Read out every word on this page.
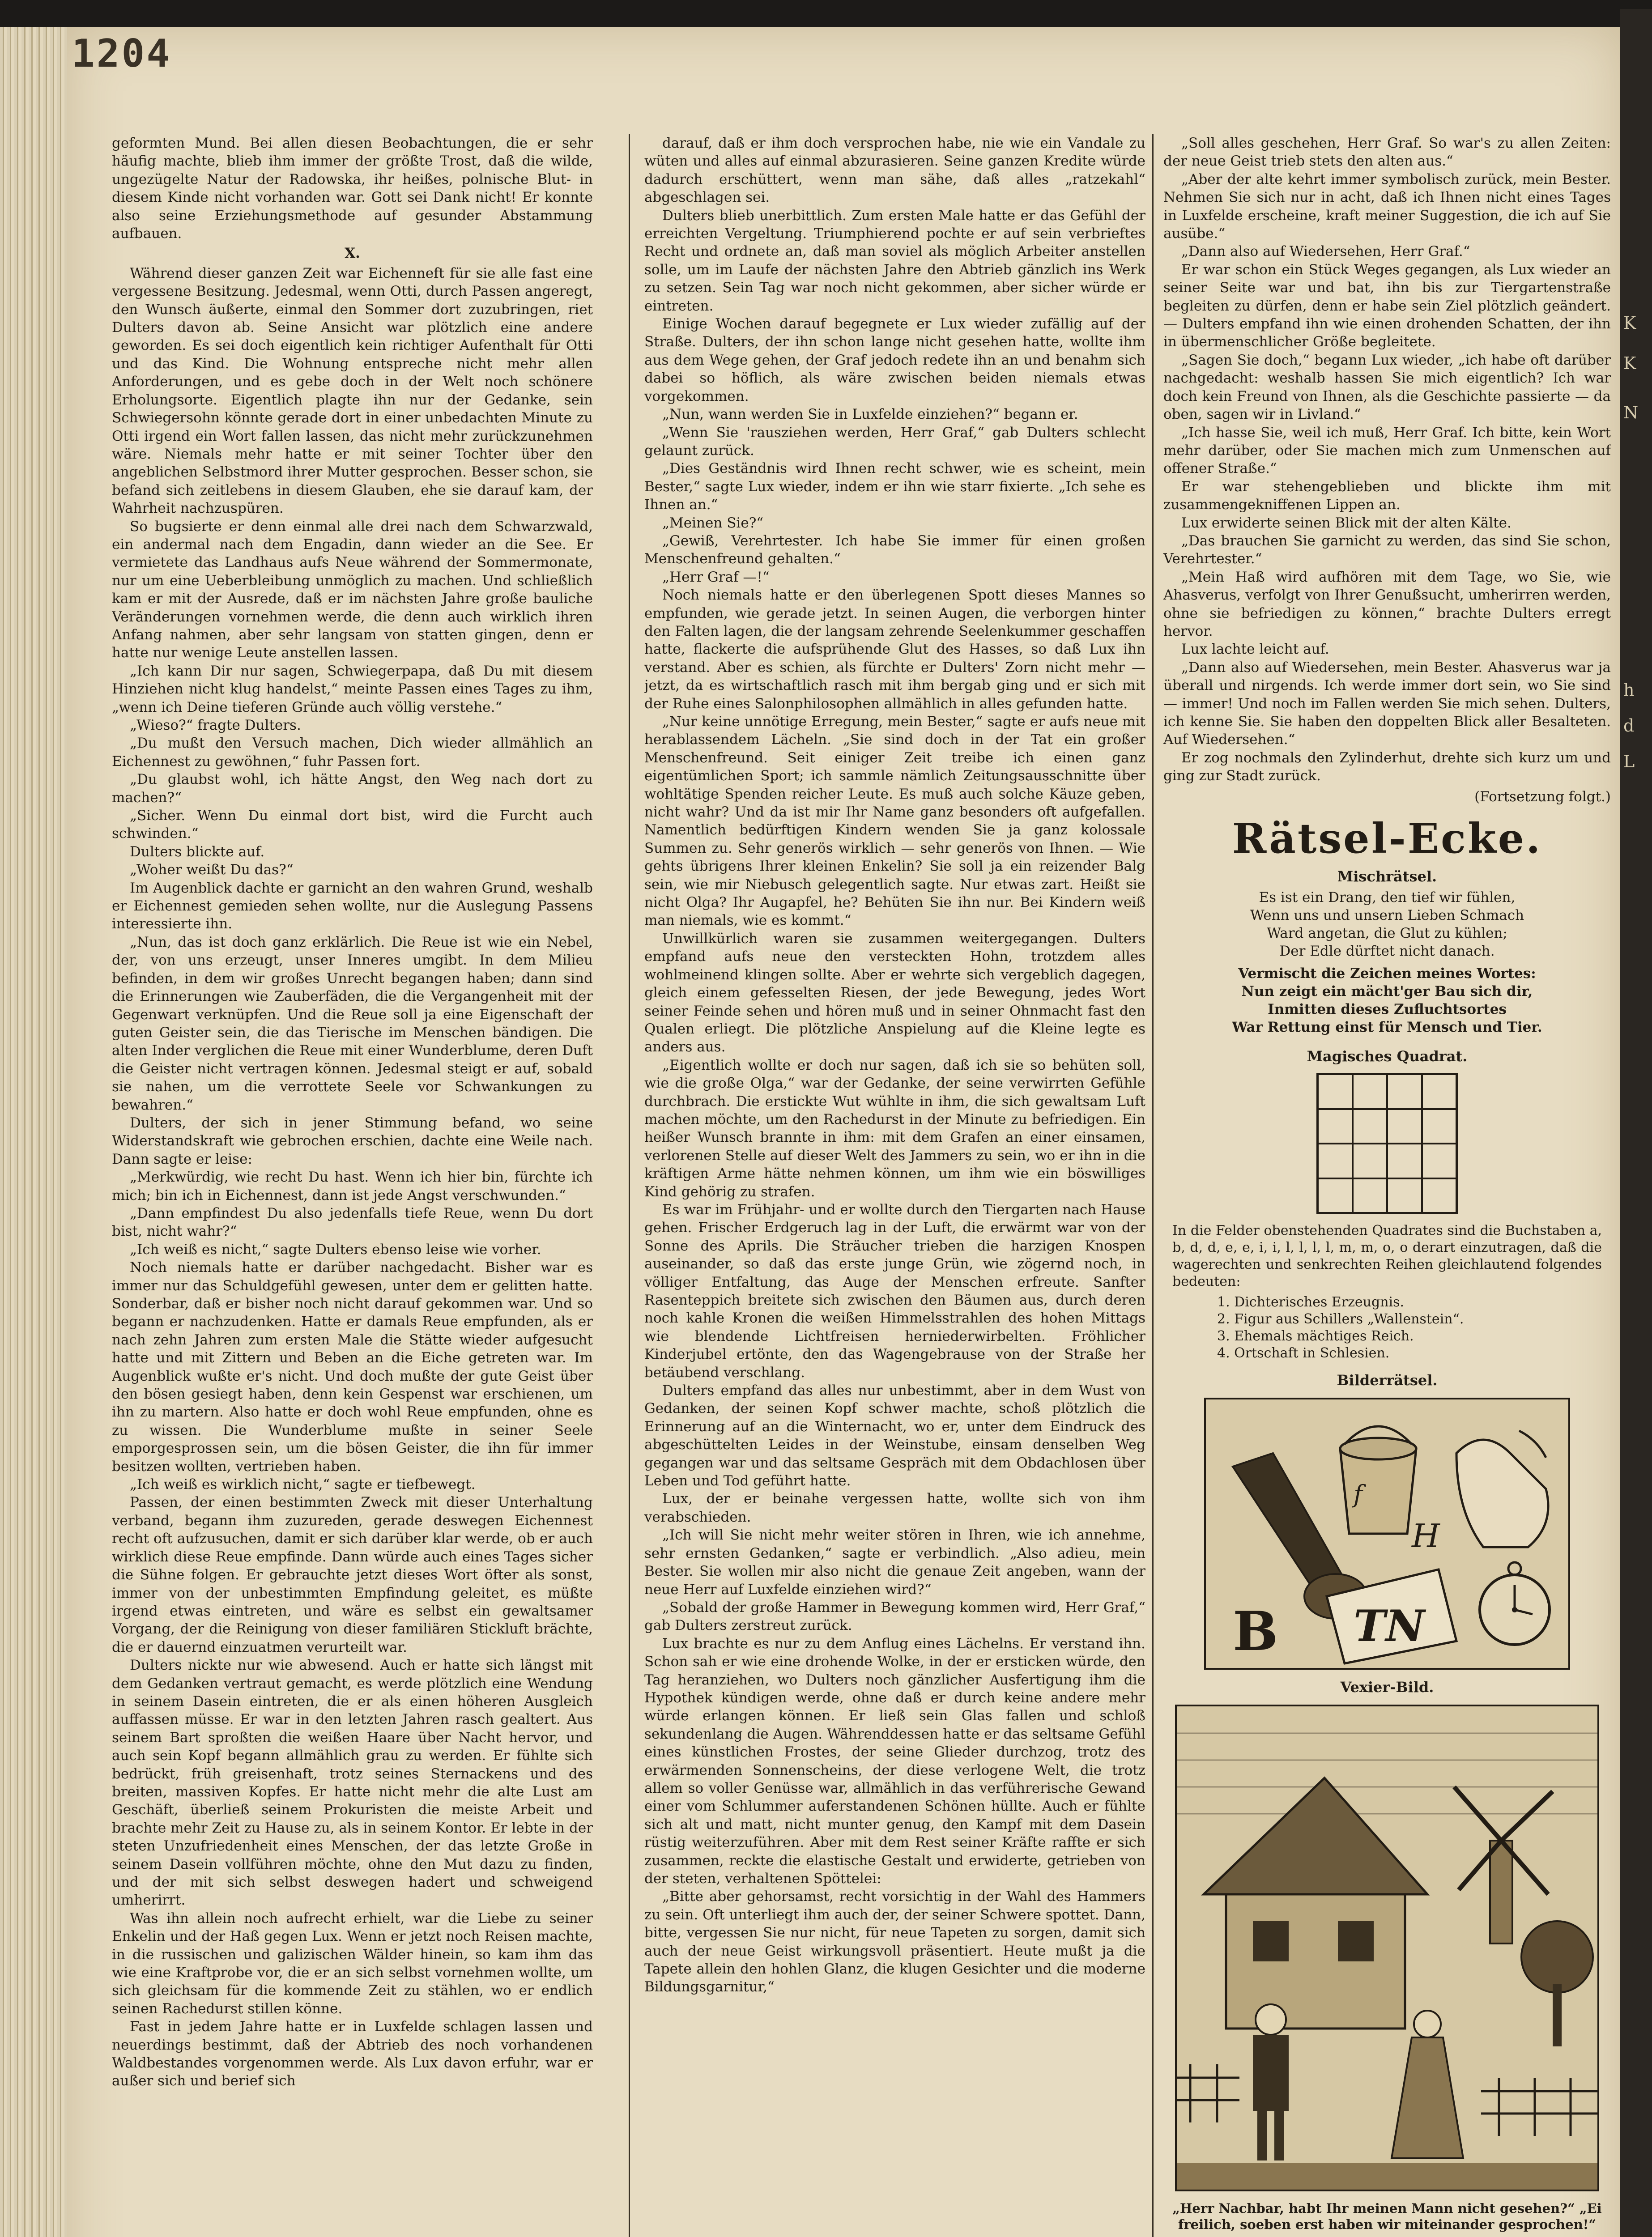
K
K
N
h
d
L
1204

geformten Mund. Bei allen diesen Beobachtungen, die er sehr häufig machte, blieb ihm immer der größte Trost, daß die wilde, ungezügelte Natur der Radowska, ihr heißes, polnische Blut- in diesem Kinde nicht vorhanden war. Gott sei Dank nicht! Er konnte also seine Erziehungsmethode auf gesunder Abstammung aufbauen.

X.

Während dieser ganzen Zeit war Eichenneft für sie alle fast eine vergessene Besitzung. Jedesmal, wenn Otti, durch Passen angeregt, den Wunsch äußerte, einmal den Sommer dort zuzubringen, riet Dulters davon ab. Seine Ansicht war plötzlich eine andere geworden. Es sei doch eigentlich kein richtiger Aufenthalt für Otti und das Kind. Die Wohnung entspreche nicht mehr allen Anforderungen, und es gebe doch in der Welt noch schönere Erholungsorte. Eigentlich plagte ihn nur der Gedanke, sein Schwiegersohn könnte gerade dort in einer unbedachten Minute zu Otti irgend ein Wort fallen lassen, das nicht mehr zurückzunehmen wäre. Niemals mehr hatte er mit seiner Tochter über den angeblichen Selbstmord ihrer Mutter gesprochen. Besser schon, sie befand sich zeitlebens in diesem Glauben, ehe sie darauf kam, der Wahrheit nachzuspüren.

So bugsierte er denn einmal alle drei nach dem Schwarzwald, ein andermal nach dem Engadin, dann wieder an die See. Er vermietete das Landhaus aufs Neue während der Sommermonate, nur um eine Ueberbleibung unmöglich zu machen. Und schließlich kam er mit der Ausrede, daß er im nächsten Jahre große bauliche Veränderungen vornehmen werde, die denn auch wirklich ihren Anfang nahmen, aber sehr langsam von statten gingen, denn er hatte nur wenige Leute anstellen lassen.

„Ich kann Dir nur sagen, Schwiegerpapa, daß Du mit diesem Hinziehen nicht klug handelst,“ meinte Passen eines Tages zu ihm, „wenn ich Deine tieferen Gründe auch völlig verstehe.“

„Wieso?“ fragte Dulters.

„Du mußt den Versuch machen, Dich wieder allmählich an Eichennest zu gewöhnen,“ fuhr Passen fort.

„Du glaubst wohl, ich hätte Angst, den Weg nach dort zu machen?“

„Sicher. Wenn Du einmal dort bist, wird die Furcht auch schwinden.“

Dulters blickte auf.

„Woher weißt Du das?“

Im Augenblick dachte er garnicht an den wahren Grund, weshalb er Eichennest gemieden sehen wollte, nur die Auslegung Passens interessierte ihn.

„Nun, das ist doch ganz erklärlich. Die Reue ist wie ein Nebel, der, von uns erzeugt, unser Inneres umgibt. In dem Milieu befinden, in dem wir großes Unrecht begangen haben; dann sind die Erinnerungen wie Zauberfäden, die die Vergangenheit mit der Gegenwart verknüpfen. Und die Reue soll ja eine Eigenschaft der guten Geister sein, die das Tierische im Menschen bändigen. Die alten Inder verglichen die Reue mit einer Wunderblume, deren Duft die Geister nicht vertragen können. Jedesmal steigt er auf, sobald sie nahen, um die verrottete Seele vor Schwankungen zu bewahren.“

Dulters, der sich in jener Stimmung befand, wo seine Widerstandskraft wie gebrochen erschien, dachte eine Weile nach. Dann sagte er leise:

„Merkwürdig, wie recht Du hast. Wenn ich hier bin, fürchte ich mich; bin ich in Eichennest, dann ist jede Angst verschwunden.“

„Dann empfindest Du also jedenfalls tiefe Reue, wenn Du dort bist, nicht wahr?“

„Ich weiß es nicht,“ sagte Dulters ebenso leise wie vorher.

Noch niemals hatte er darüber nachgedacht. Bisher war es immer nur das Schuldgefühl gewesen, unter dem er gelitten hatte. Sonderbar, daß er bisher noch nicht darauf gekommen war. Und so begann er nachzudenken. Hatte er damals Reue empfunden, als er nach zehn Jahren zum ersten Male die Stätte wieder aufgesucht hatte und mit Zittern und Beben an die Eiche getreten war. Im Augenblick wußte er's nicht. Und doch mußte der gute Geist über den bösen gesiegt haben, denn kein Gespenst war erschienen, um ihn zu martern. Also hatte er doch wohl Reue empfunden, ohne es zu wissen. Die Wunderblume mußte in seiner Seele emporgesprossen sein, um die bösen Geister, die ihn für immer besitzen wollten, vertrieben haben.

„Ich weiß es wirklich nicht,“ sagte er tiefbewegt.

Passen, der einen bestimmten Zweck mit dieser Unterhaltung verband, begann ihm zuzureden, gerade deswegen Eichennest recht oft aufzusuchen, damit er sich darüber klar werde, ob er auch wirklich diese Reue empfinde. Dann würde auch eines Tages sicher die Sühne folgen. Er gebrauchte jetzt dieses Wort öfter als sonst, immer von der unbestimmten Empfindung geleitet, es müßte irgend etwas eintreten, und wäre es selbst ein gewaltsamer Vorgang, der die Reinigung von dieser familiären Stickluft brächte, die er dauernd einzuatmen verurteilt war.

Dulters nickte nur wie abwesend. Auch er hatte sich längst mit dem Gedanken vertraut gemacht, es werde plötzlich eine Wendung in seinem Dasein eintreten, die er als einen höheren Ausgleich auffassen müsse. Er war in den letzten Jahren rasch gealtert. Aus seinem Bart sproßten die weißen Haare über Nacht hervor, und auch sein Kopf begann allmählich grau zu werden. Er fühlte sich bedrückt, früh greisenhaft, trotz seines Sternackens und des breiten, massiven Kopfes. Er hatte nicht mehr die alte Lust am Geschäft, überließ seinem Prokuristen die meiste Arbeit und brachte mehr Zeit zu Hause zu, als in seinem Kontor. Er lebte in der steten Unzufriedenheit eines Menschen, der das letzte Große in seinem Dasein vollführen möchte, ohne den Mut dazu zu finden, und der mit sich selbst deswegen hadert und schweigend umherirrt.

Was ihn allein noch aufrecht erhielt, war die Liebe zu seiner Enkelin und der Haß gegen Lux. Wenn er jetzt noch Reisen machte, in die russischen und galizischen Wälder hinein, so kam ihm das wie eine Kraftprobe vor, die er an sich selbst vornehmen wollte, um sich gleichsam für die kommende Zeit zu stählen, wo er endlich seinen Rachedurst stillen könne.

Fast in jedem Jahre hatte er in Luxfelde schlagen lassen und neuerdings bestimmt, daß der Abtrieb des noch vorhandenen Waldbestandes vorgenommen werde. Als Lux davon erfuhr, war er außer sich und berief sich

darauf, daß er ihm doch versprochen habe, nie wie ein Vandale zu wüten und alles auf einmal abzurasieren. Seine ganzen Kredite würde dadurch erschüttert, wenn man sähe, daß alles „ratzekahl“ abgeschlagen sei.

Dulters blieb unerbittlich. Zum ersten Male hatte er das Gefühl der erreichten Vergeltung. Triumphierend pochte er auf sein verbrieftes Recht und ordnete an, daß man soviel als möglich Arbeiter anstellen solle, um im Laufe der nächsten Jahre den Abtrieb gänzlich ins Werk zu setzen. Sein Tag war noch nicht gekommen, aber sicher würde er eintreten.

Einige Wochen darauf begegnete er Lux wieder zufällig auf der Straße. Dulters, der ihn schon lange nicht gesehen hatte, wollte ihm aus dem Wege gehen, der Graf jedoch redete ihn an und benahm sich dabei so höflich, als wäre zwischen beiden niemals etwas vorgekommen.

„Nun, wann werden Sie in Luxfelde einziehen?“ begann er.

„Wenn Sie 'rausziehen werden, Herr Graf,“ gab Dulters schlecht gelaunt zurück.

„Dies Geständnis wird Ihnen recht schwer, wie es scheint, mein Bester,“ sagte Lux wieder, indem er ihn wie starr fixierte. „Ich sehe es Ihnen an.“

„Meinen Sie?“

„Gewiß, Verehrtester. Ich habe Sie immer für einen großen Menschenfreund gehalten.“

„Herr Graf —!“

Noch niemals hatte er den überlegenen Spott dieses Mannes so empfunden, wie gerade jetzt. In seinen Augen, die verborgen hinter den Falten lagen, die der langsam zehrende Seelenkummer geschaffen hatte, flackerte die aufsprühende Glut des Hasses, so daß Lux ihn verstand. Aber es schien, als fürchte er Dulters' Zorn nicht mehr — jetzt, da es wirtschaftlich rasch mit ihm bergab ging und er sich mit der Ruhe eines Salonphilosophen allmählich in alles gefunden hatte.

„Nur keine unnötige Erregung, mein Bester,“ sagte er aufs neue mit herablassendem Lächeln. „Sie sind doch in der Tat ein großer Menschenfreund. Seit einiger Zeit treibe ich einen ganz eigentümlichen Sport; ich sammle nämlich Zeitungsausschnitte über wohltätige Spenden reicher Leute. Es muß auch solche Käuze geben, nicht wahr? Und da ist mir Ihr Name ganz besonders oft aufgefallen. Namentlich bedürftigen Kindern wenden Sie ja ganz kolossale Summen zu. Sehr generös wirklich — sehr generös von Ihnen. — Wie gehts übrigens Ihrer kleinen Enkelin? Sie soll ja ein reizender Balg sein, wie mir Niebusch gelegentlich sagte. Nur etwas zart. Heißt sie nicht Olga? Ihr Augapfel, he? Behüten Sie ihn nur. Bei Kindern weiß man niemals, wie es kommt.“

Unwillkürlich waren sie zusammen weitergegangen. Dulters empfand aufs neue den versteckten Hohn, trotzdem alles wohlmeinend klingen sollte. Aber er wehrte sich vergeblich dagegen, gleich einem gefesselten Riesen, der jede Bewegung, jedes Wort seiner Feinde sehen und hören muß und in seiner Ohnmacht fast den Qualen erliegt. Die plötzliche Anspielung auf die Kleine legte es anders aus.

„Eigentlich wollte er doch nur sagen, daß ich sie so behüten soll, wie die große Olga,“ war der Gedanke, der seine verwirrten Gefühle durchbrach. Die erstickte Wut wühlte in ihm, die sich gewaltsam Luft machen möchte, um den Rachedurst in der Minute zu befriedigen. Ein heißer Wunsch brannte in ihm: mit dem Grafen an einer einsamen, verlorenen Stelle auf dieser Welt des Jammers zu sein, wo er ihn in die kräftigen Arme hätte nehmen können, um ihm wie ein böswilliges Kind gehörig zu strafen.

Es war im Frühjahr- und er wollte durch den Tiergarten nach Hause gehen. Frischer Erdgeruch lag in der Luft, die erwärmt war von der Sonne des Aprils. Die Sträucher trieben die harzigen Knospen auseinander, so daß das erste junge Grün, wie zögernd noch, in völliger Entfaltung, das Auge der Menschen erfreute. Sanfter Rasenteppich breitete sich zwischen den Bäumen aus, durch deren noch kahle Kronen die weißen Himmelsstrahlen des hohen Mittags wie blendende Lichtfreisen herniederwirbelten. Fröhlicher Kinderjubel ertönte, den das Wagengebrause von der Straße her betäubend verschlang.

Dulters empfand das alles nur unbestimmt, aber in dem Wust von Gedanken, der seinen Kopf schwer machte, schoß plötzlich die Erinnerung auf an die Winternacht, wo er, unter dem Eindruck des abgeschüttelten Leides in der Weinstube, einsam denselben Weg gegangen war und das seltsame Gespräch mit dem Obdachlosen über Leben und Tod geführt hatte.

Lux, der er beinahe vergessen hatte, wollte sich von ihm verabschieden.

„Ich will Sie nicht mehr weiter stören in Ihren, wie ich annehme, sehr ernsten Gedanken,“ sagte er verbindlich. „Also adieu, mein Bester. Sie wollen mir also nicht die genaue Zeit angeben, wann der neue Herr auf Luxfelde einziehen wird?“

„Sobald der große Hammer in Bewegung kommen wird, Herr Graf,“ gab Dulters zerstreut zurück.

Lux brachte es nur zu dem Anflug eines Lächelns. Er verstand ihn. Schon sah er wie eine drohende Wolke, in der er ersticken würde, den Tag heranziehen, wo Dulters noch gänzlicher Ausfertigung ihm die Hypothek kündigen werde, ohne daß er durch keine andere mehr würde erlangen können. Er ließ sein Glas fallen und schloß sekundenlang die Augen. Währenddessen hatte er das seltsame Gefühl eines künstlichen Frostes, der seine Glieder durchzog, trotz des erwärmenden Sonnenscheins, der diese verlogene Welt, die trotz allem so voller Genüsse war, allmählich in das verführerische Gewand einer vom Schlummer auferstandenen Schönen hüllte. Auch er fühlte sich alt und matt, nicht munter genug, den Kampf mit dem Dasein rüstig weiterzuführen. Aber mit dem Rest seiner Kräfte raffte er sich zusammen, reckte die elastische Gestalt und erwiderte, getrieben von der steten, verhaltenen Spöttelei:

„Bitte aber gehorsamst, recht vorsichtig in der Wahl des Hammers zu sein. Oft unterliegt ihm auch der, der seiner Schwere spottet. Dann, bitte, vergessen Sie nur nicht, für neue Tapeten zu sorgen, damit sich auch der neue Geist wirkungsvoll präsentiert. Heute mußt ja die Tapete allein den hohlen Glanz, die klugen Gesichter und die moderne Bildungsgarnitur,“

„Soll alles geschehen, Herr Graf. So war's zu allen Zeiten: der neue Geist trieb stets den alten aus.“

„Aber der alte kehrt immer symbolisch zurück, mein Bester. Nehmen Sie sich nur in acht, daß ich Ihnen nicht eines Tages in Luxfelde erscheine, kraft meiner Suggestion, die ich auf Sie ausübe.“

„Dann also auf Wiedersehen, Herr Graf.“

Er war schon ein Stück Weges gegangen, als Lux wieder an seiner Seite war und bat, ihn bis zur Tiergartenstraße begleiten zu dürfen, denn er habe sein Ziel plötzlich geändert. — Dulters empfand ihn wie einen drohenden Schatten, der ihn in übermenschlicher Größe begleitete.

„Sagen Sie doch,“ begann Lux wieder, „ich habe oft darüber nachgedacht: weshalb hassen Sie mich eigentlich? Ich war doch kein Freund von Ihnen, als die Geschichte passierte — da oben, sagen wir in Livland.“

„Ich hasse Sie, weil ich muß, Herr Graf. Ich bitte, kein Wort mehr darüber, oder Sie machen mich zum Unmenschen auf offener Straße.“

Er war stehengeblieben und blickte ihm mit zusammengekniffenen Lippen an.

Lux erwiderte seinen Blick mit der alten Kälte.

„Das brauchen Sie garnicht zu werden, das sind Sie schon, Verehrtester.“

„Mein Haß wird aufhören mit dem Tage, wo Sie, wie Ahasverus, verfolgt von Ihrer Genußsucht, umherirren werden, ohne sie befriedigen zu können,“ brachte Dulters erregt hervor.

Lux lachte leicht auf.

„Dann also auf Wiedersehen, mein Bester. Ahasverus war ja überall und nirgends. Ich werde immer dort sein, wo Sie sind — immer! Und noch im Fallen werden Sie mich sehen. Dulters, ich kenne Sie. Sie haben den doppelten Blick aller Besalteten. Auf Wiedersehen.“

Er zog nochmals den Zylinderhut, drehte sich kurz um und ging zur Stadt zurück.

(Fortsetzung folgt.)
Rätsel-Ecke.
Mischrätsel.
Es ist ein Drang, den tief wir fühlen,
Wenn uns und unsern Lieben Schmach
Ward angetan, die Glut zu kühlen;
Der Edle dürftet nicht danach.
Vermischt die Zeichen meines Wortes:
Nun zeigt ein mächt'ger Bau sich dir,
Inmitten dieses Zufluchtsortes
War Rettung einst für Mensch und Tier.
Magisches Quadrat.
In die Felder obenstehenden Quadrates sind die Buchstaben a, b, d, d, e, e, i, i, l, l, l, l, m, m, o, o derart einzutragen, daß die wagerechten und senkrechten Reihen gleichlautend folgendes bedeuten:
1. Dichterisches Erzeugnis.
2. Figur aus Schillers „Wallenstein“.
3. Ehemals mächtiges Reich.
4. Ortschaft in Schlesien.
Bilderrätsel.
f
H
B TN
Vexier-Bild.
„Herr Nachbar, habt Ihr meinen Mann nicht gesehen?“ „Ei freilich, soeben erst haben wir miteinander gesprochen!“
